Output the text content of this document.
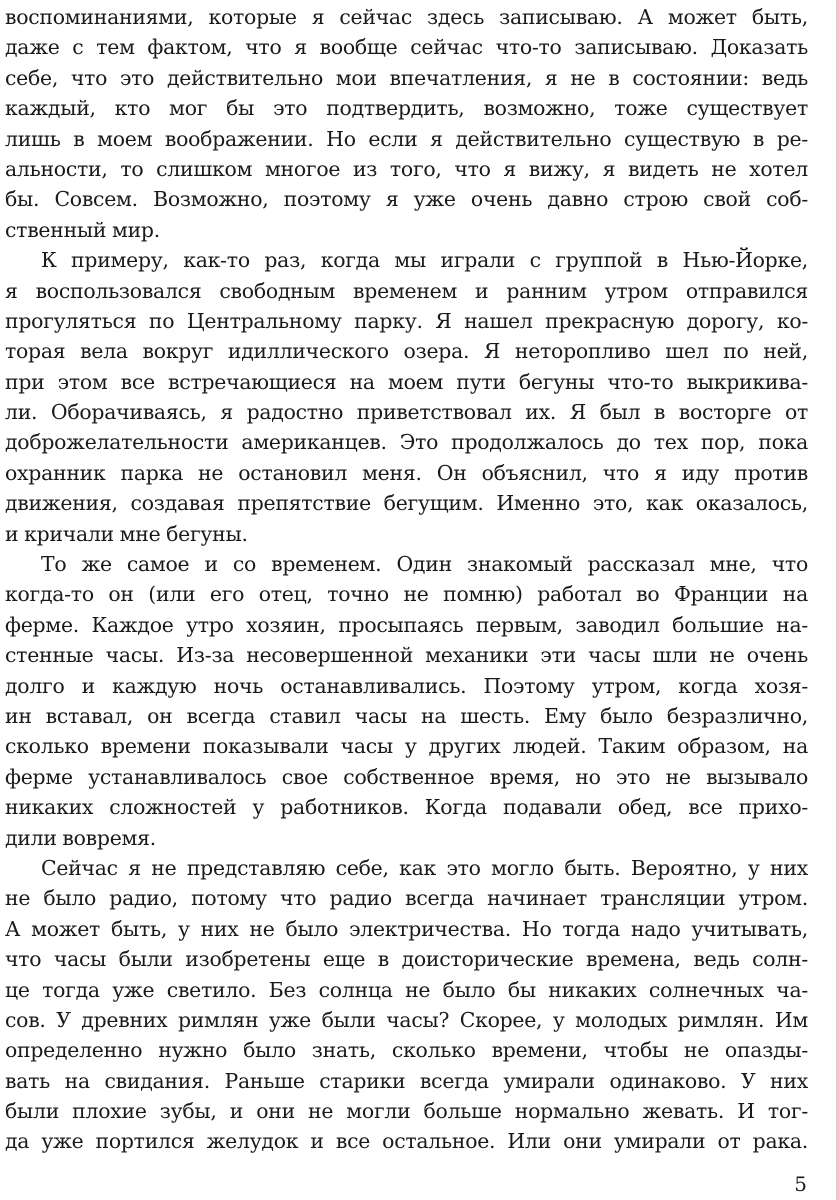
воспоминаниями, которые я сейчас здесь записываю. А может быть,
даже с тем фактом, что я вообще сейчас что-то записываю. Доказать
себе, что это действительно мои впечатления, я не в состоянии: ведь
каждый, кто мог бы это подтвердить, возможно, тоже существует
лишь в моем воображении. Но если я действительно существую в ре-
альности, то слишком многое из того, что я вижу, я видеть не хотел
бы. Совсем. Возможно, поэтому я уже очень давно строю свой соб-
ственный мир.
К примеру, как-то раз, когда мы играли с группой в Нью-Йорке,
я воспользовался свободным временем и ранним утром отправился
прогуляться по Центральному парку. Я нашел прекрасную дорогу, ко-
торая вела вокруг идиллического озера. Я неторопливо шел по ней,
при этом все встречающиеся на моем пути бегуны что-то выкрикива-
ли. Оборачиваясь, я радостно приветствовал их. Я был в восторге от
доброжелательности американцев. Это продолжалось до тех пор, пока
охранник парка не остановил меня. Он объяснил, что я иду против
движения, создавая препятствие бегущим. Именно это, как оказалось,
и кричали мне бегуны.
То же самое и со временем. Один знакомый рассказал мне, что
когда-то он (или его отец, точно не помню) работал во Франции на
ферме. Каждое утро хозяин, просыпаясь первым, заводил большие на-
стенные часы. Из-за несовершенной механики эти часы шли не очень
долго и каждую ночь останавливались. Поэтому утром, когда хозя-
ин вставал, он всегда ставил часы на шесть. Ему было безразлично,
сколько времени показывали часы у других людей. Таким образом, на
ферме устанавливалось свое собственное время, но это не вызывало
никаких сложностей у работников. Когда подавали обед, все прихо-
дили вовремя.
Сейчас я не представляю себе, как это могло быть. Вероятно, у них
не было радио, потому что радио всегда начинает трансляции утром.
А может быть, у них не было электричества. Но тогда надо учитывать,
что часы были изобретены еще в доисторические времена, ведь солн-
це тогда уже светило. Без солнца не было бы никаких солнечных ча-
сов. У древних римлян уже были часы? Скорее, у молодых римлян. Им
определенно нужно было знать, сколько времени, чтобы не опазды-
вать на свидания. Раньше старики всегда умирали одинаково. У них
были плохие зубы, и они не могли больше нормально жевать. И тог-
да уже портился желудок и все остальное. Или они умирали от рака.
5
